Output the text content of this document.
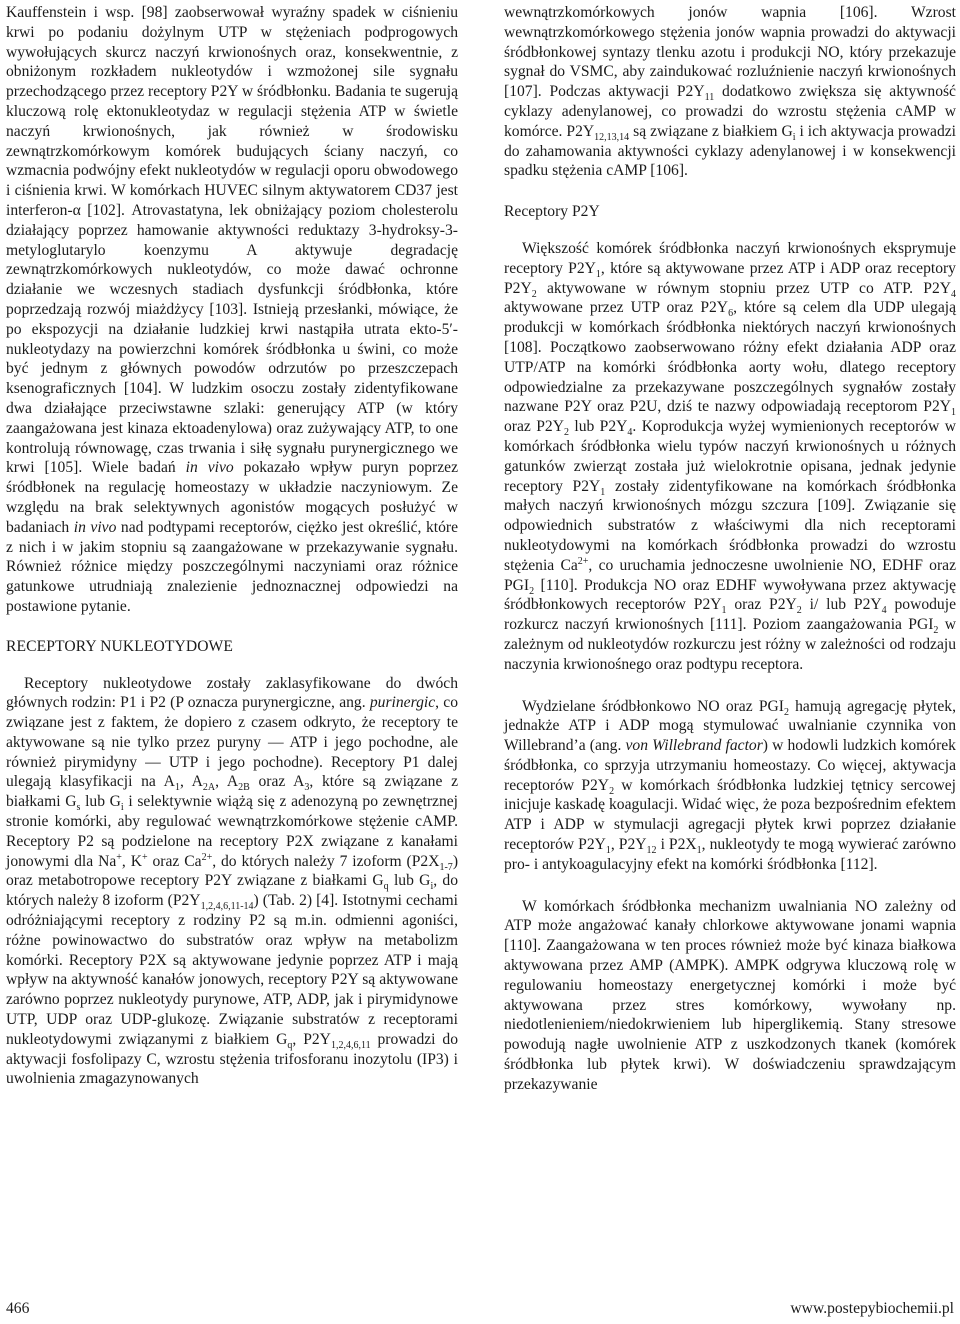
Kauffenstein i wsp. [98] zaobserwował wyraźny spadek w ciśnieniu krwi po podaniu dożylnym UTP w stężeniach podprogowych wywołujących skurcz naczyń krwionośnych oraz, konsekwentnie, z obniżonym rozkładem nukleotydów i wzmożonej sile sygnału przechodzącego przez receptory P2Y w śródbłonku. Badania te sugerują kluczową rolę ektonukleotydaz w regulacji stężenia ATP w świetle naczyń krwionośnych, jak również w środowisku zewnątrzkomórkowym komórek budujących ściany naczyń, co wzmacnia podwójny efekt nukleotydów w regulacji oporu obwodowego i ciśnienia krwi. W komórkach HUVEC silnym aktywatorem CD37 jest interferon-α [102]. Atrovastatyna, lek obniżający poziom cholesterolu działający poprzez hamowanie aktywności reduktazy 3-hydroksy-3-metyloglutarylo koenzymu A aktywuje degradację zewnątrzkomórkowych nukleotydów, co może dawać ochronne działanie we wczesnych stadiach dysfunkcji śródbłonka, które poprzedzają rozwój miażdżycy [103]. Istnieją przesłanki, mówiące, że po ekspozycji na działanie ludzkiej krwi nastąpiła utrata ekto-5′-nukleotydazy na powierzchni komórek śródbłonka u świni, co może być jednym z głównych powodów odrzutów po przeszczepach ksenograficznych [104]. W ludzkim osoczu zostały zidentyfikowane dwa działające przeciwstawne szlaki: generujący ATP (w który zaangażowana jest kinaza ektoadenylowa) oraz zużywający ATP, to one kontrolują równowagę, czas trwania i siłę sygnału purynergicznego we krwi [105]. Wiele badań in vivo pokazało wpływ puryn poprzez śródbłonek na regulację homeostazy w układzie naczyniowym. Ze względu na brak selektywnych agonistów mogących posłużyć w badaniach in vivo nad podtypami receptorów, ciężko jest określić, które z nich i w jakim stopniu są zaangażowane w przekazywanie sygnału. Również różnice między poszczególnymi naczyniami oraz różnice gatunkowe utrudniają znalezienie jednoznacznej odpowiedzi na postawione pytanie.

RECEPTORY NUKLEOTYDOWE

Receptory nukleotydowe zostały zaklasyfikowane do dwóch głównych rodzin: P1 i P2 (P oznacza purynergiczne, ang. purinergic, co związane jest z faktem, że dopiero z czasem odkryto, że receptory te aktywowane są nie tylko przez puryny — ATP i jego pochodne, ale również pirymidyny — UTP i jego pochodne). Receptory P1 dalej ulegają klasyfikacji na $A_1$, $A_{2A}$, $A_{2B}$ oraz $A_3$, które są związane z białkami $G_s$ lub $G_i$ i selektywnie wiążą się z adenozyną po zewnętrznej stronie komórki, aby regulować wewnątrzkomórkowe stężenie cAMP. Receptory P2 są podzielone na receptory P2X związane z kanałami jonowymi dla Na+, K+ oraz $Ca^{2+}$, do których należy 7 izoform $(P2X_{1-7})$ oraz metabotropowe receptory P2Y związane z białkami $G_q$ lub $G_i$, do których należy 8 izoform $(P2Y_{1,2,4,6,11-14})$ (Tab. 2) [4]. Istotnymi cechami odróżniającymi receptory z rodziny P2 są m.in. odmienni agoniści, różne powinowactwo do substratów oraz wpływ na metabolizm komórki. Receptory P2X są aktywowane jedynie poprzez ATP i mają wpływ na aktywność kanałów jonowych, receptory P2Y są aktywowane zarówno poprzez nukleotydy purynowe, ATP, ADP, jak i pirymidynowe UTP, UDP oraz UDP-glukozę. Związanie substratów z receptorami nukleotydowymi związanymi z białkiem $G_q$, $P2Y_{1,2,4,6,11}$ prowadzi do aktywacji fosfolipazy C, wzrostu stężenia trifosforanu inozytolu (IP3) i uwolnienia zmagazynowanych

wewnątrzkomórkowych jonów wapnia [106]. Wzrost wewnątrzkomórkowego stężenia jonów wapnia prowadzi do aktywacji śródbłonkowej syntazy tlenku azotu i produkcji NO, który przekazuje sygnał do VSMC, aby zaindukować rozluźnienie naczyń krwionośnych [107]. Podczas aktywacji $P2Y_{11}$ dodatkowo zwiększa się aktywność cyklazy adenylanowej, co prowadzi do wzrostu stężenia cAMP w komórce. $P2Y_{12,13,14}$ są związane z białkiem $G_i$ i ich aktywacja prowadzi do zahamowania aktywności cyklazy adenylanowej i w konsekwencji spadku stężenia cAMP [106].

Receptory P2Y

Większość komórek śródbłonka naczyń krwionośnych eksprymuje receptory $P2Y_1$, które są aktywowane przez ATP i ADP oraz receptory $P2Y_2$ aktywowane w równym stopniu przez UTP co ATP. $P2Y_4$ aktywowane przez UTP oraz $P2Y_6$, które są celem dla UDP ulegają produkcji w komórkach śródbłonka niektórych naczyń krwionośnych [108]. Początkowo zaobserwowano różny efekt działania ADP oraz UTP/ATP na komórki śródbłonka aorty wołu, dlatego receptory odpowiedzialne za przekazywane poszczególnych sygnałów zostały nazwane P2Y oraz P2U, dziś te nazwy odpowiadają receptorom $P2Y_1$ oraz $P2Y_2$ lub $P2Y_4$. Koprodukcja wyżej wymienionych receptorów w komórkach śródbłonka wielu typów naczyń krwionośnych u różnych gatunków zwierząt została już wielokrotnie opisana, jednak jedynie receptory $P2Y_1$ zostały zidentyfikowane na komórkach śródbłonka małych naczyń krwionośnych mózgu szczura [109]. Związanie się odpowiednich substratów z właściwymi dla nich receptorami nukleotydowymi na komórkach śródbłonka prowadzi do wzrostu stężenia $Ca^{2+}$, co uruchamia jednoczesne uwolnienie NO, EDHF oraz $PGI_2$ [110]. Produkcja NO oraz EDHF wywoływana przez aktywację śródbłonkowych receptorów $P2Y_1$ oraz $P2Y_2$ i/ lub $P2Y_4$ powoduje rozkurcz naczyń krwionośnych [111]. Poziom zaangażowania $PGI_2$ w zależnym od nukleotydów rozkurczu jest różny w zależności od rodzaju naczynia krwionośnego oraz podtypu receptora.

Wydzielane śródbłonkowo NO oraz $PGI_2$ hamują agregację płytek, jednakże ATP i ADP mogą stymulować uwalnianie czynnika von Willebrand’a (ang. von Willebrand factor) w hodowli ludzkich komórek śródbłonka, co sprzyja utrzymaniu homeostazy. Co więcej, aktywacja receptorów $P2Y_2$ w komórkach śródbłonka ludzkiej tętnicy sercowej inicjuje kaskadę koagulacji. Widać więc, że poza bezpośrednim efektem ATP i ADP w stymulacji agregacji płytek krwi poprzez działanie receptorów $P2Y_1$, $P2Y_{12}$ i $P2X_1$, nukleotydy te mogą wywierać zarówno pro- i antykoagulacyjny efekt na komórki śródbłonka [112].

W komórkach śródbłonka mechanizm uwalniania NO zależny od ATP może angażować kanały chlorkowe aktywowane jonami wapnia [110]. Zaangażowana w ten proces również może być kinaza białkowa aktywowana przez AMP (AMPK). AMPK odgrywa kluczową rolę w regulowaniu homeostazy energetycznej komórki i może być aktywowana przez stres komórkowy, wywołany np. niedotlenieniem/niedokrwieniem lub hiperglikemią. Stany stresowe powodują nagłe uwolnienie ATP z uszkodzonych tkanek (komórek śródbłonka lub płytek krwi). W doświadczeniu sprawdzającym przekazywanie

466	www.postepybiochemii.pl
